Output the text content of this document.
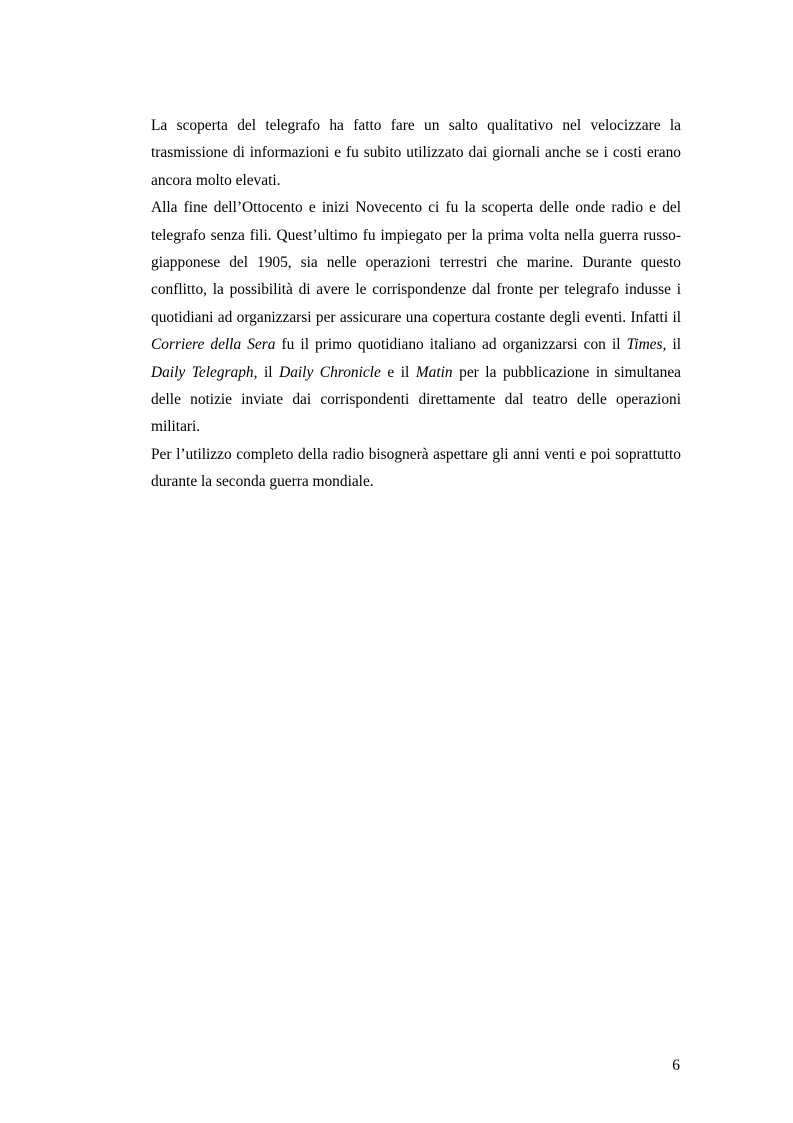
La scoperta del telegrafo ha fatto fare un salto qualitativo nel velocizzare la trasmissione di informazioni e fu subito utilizzato dai giornali anche se i costi erano ancora molto elevati.

Alla fine dell’Ottocento e inizi Novecento ci fu la scoperta delle onde radio e del telegrafo senza fili. Quest’ultimo fu impiegato per la prima volta nella guerra russo-giapponese del 1905, sia nelle operazioni terrestri che marine. Durante questo conflitto, la possibilità di avere le corrispondenze dal fronte per telegrafo indusse i quotidiani ad organizzarsi per assicurare una copertura costante degli eventi. Infatti il Corriere della Sera fu il primo quotidiano italiano ad organizzarsi con il Times, il Daily Telegraph, il Daily Chronicle e il Matin per la pubblicazione in simultanea delle notizie inviate dai corrispondenti direttamente dal teatro delle operazioni militari.

Per l’utilizzo completo della radio bisognerà aspettare gli anni venti e poi soprattutto durante la seconda guerra mondiale.

6
